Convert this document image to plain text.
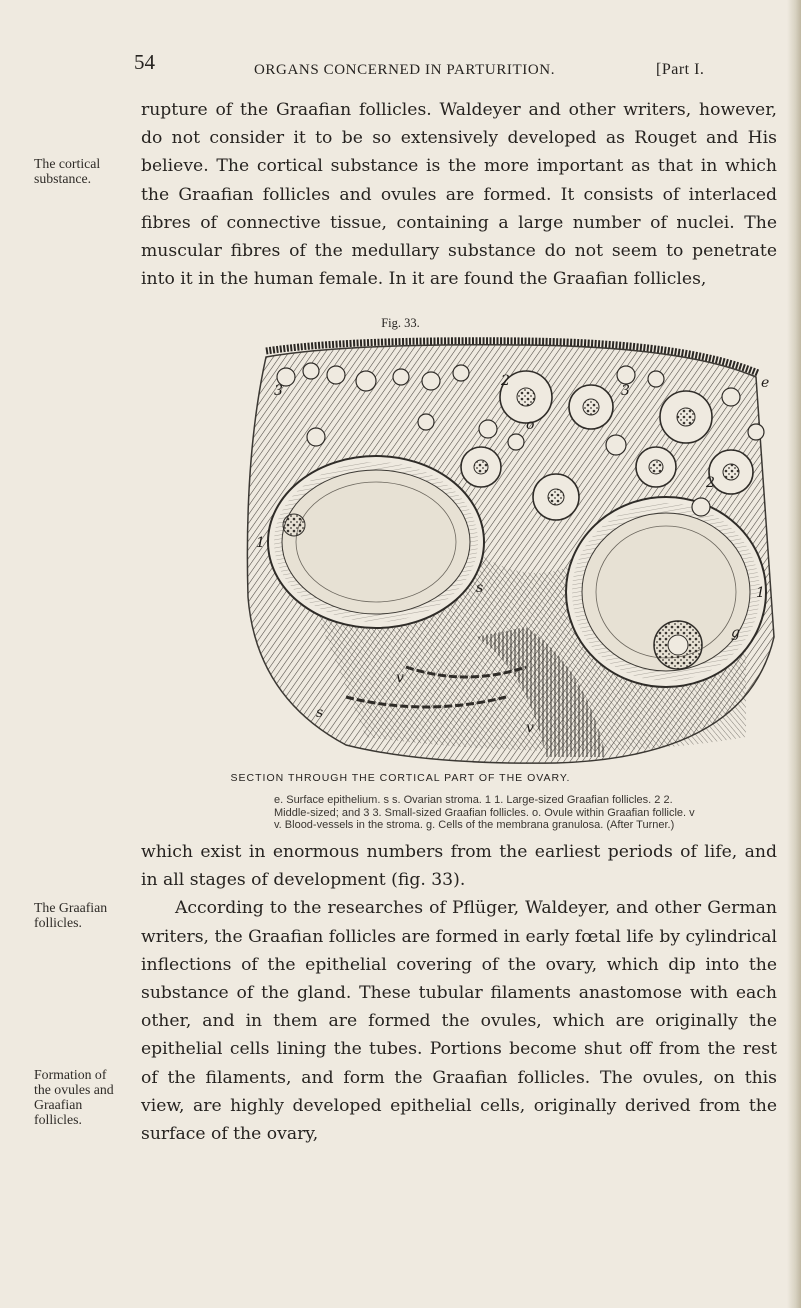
54	ORGANS CONCERNED IN PARTURITION.	[Part I.
The cortical substance.

rupture of the Graafian follicles. Waldeyer and other writers, however, do not consider it to be so extensively developed as Rouget and His believe. The cortical substance is the more important as that in which the Graafian follicles and ovules are formed. It consists of interlaced fibres of connective tissue, containing a large number of nuclei. The muscular fibres of the medullary substance do not seem to penetrate into it in the human female. In it are found the Graafian follicles,

Fig. 33.
e
3	3
o
1
1
s
2
2
g
v
v
s
SECTION THROUGH THE CORTICAL PART OF THE OVARY.

e. Surface epithelium. s s. Ovarian stroma. 1 1. Large-sized Graafian follicles. 2 2. Middle-sized; and 3 3. Small-sized Graafian follicles. o. Ovule within Graafian follicle. v v. Blood-vessels in the stroma. g. Cells of the membrana granulosa. (After Turner.)

which exist in enormous numbers from the earliest periods of life, and in all stages of development (fig. 33).

According to the researches of Pflüger, Waldeyer, and other German writers, the Graafian follicles are formed in early fœtal life by cylindrical inflections of the epithelial covering of the ovary, which dip into the substance of the gland. These tubular filaments anastomose with each other, and in them are formed the ovules, which are originally the epithelial cells lining the tubes. Portions become shut off from the rest of the filaments, and form the Graafian follicles. The ovules, on this view, are highly developed epithelial cells, originally derived from the surface of the ovary,

The Graafian follicles.
Formation of the ovules and Graafian follicles.
